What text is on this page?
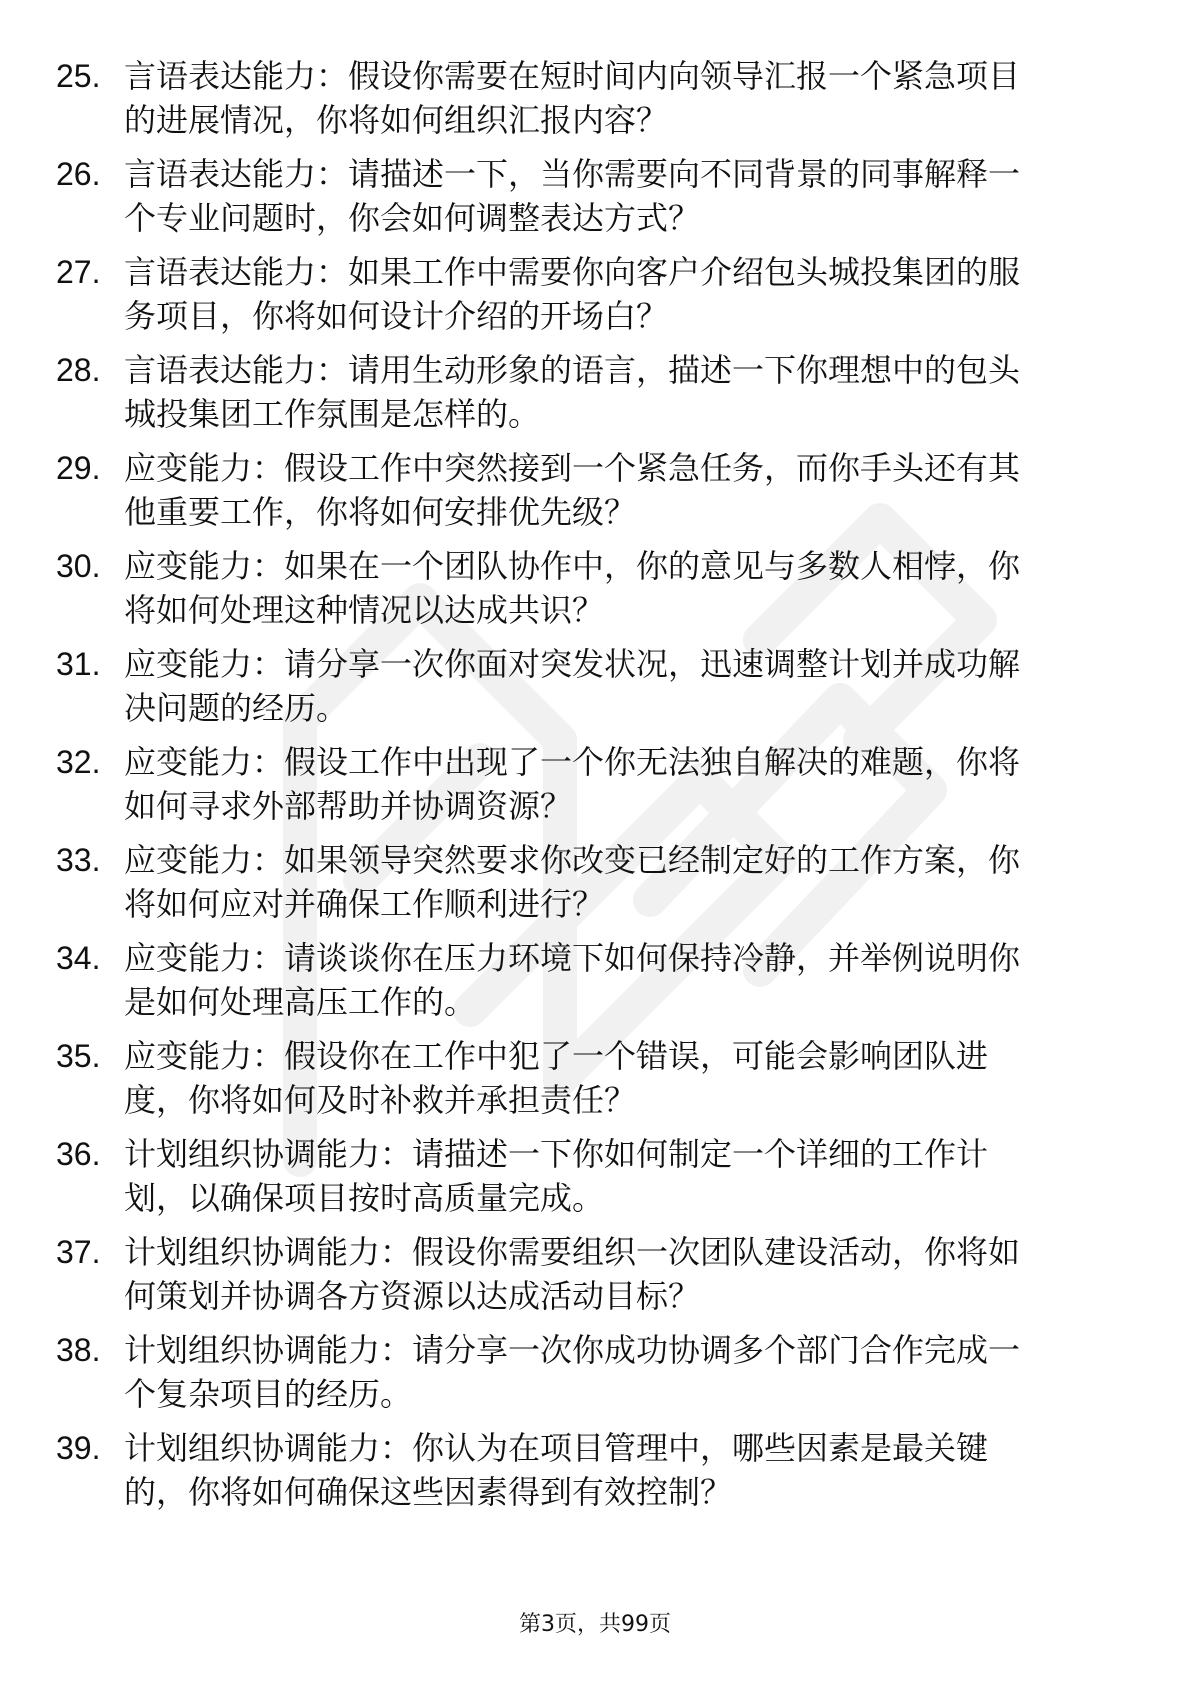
25. 言语表达能力：假设你需要在短时间内向领导汇报一个紧急项目
的进展情况，你将如何组织汇报内容？
26. 言语表达能力：请描述一下，当你需要向不同背景的同事解释一
个专业问题时，你会如何调整表达方式？
27. 言语表达能力：如果工作中需要你向客户介绍包头城投集团的服
务项目，你将如何设计介绍的开场白？
28. 言语表达能力：请用生动形象的语言，描述一下你理想中的包头
城投集团工作氛围是怎样的。
29. 应变能力：假设工作中突然接到一个紧急任务，而你手头还有其
他重要工作，你将如何安排优先级？
30. 应变能力：如果在一个团队协作中，你的意见与多数人相悖，你
将如何处理这种情况以达成共识？
31. 应变能力：请分享一次你面对突发状况，迅速调整计划并成功解
决问题的经历。
32. 应变能力：假设工作中出现了一个你无法独自解决的难题，你将
如何寻求外部帮助并协调资源？
33. 应变能力：如果领导突然要求你改变已经制定好的工作方案，你
将如何应对并确保工作顺利进行？
34. 应变能力：请谈谈你在压力环境下如何保持冷静，并举例说明你
是如何处理高压工作的。
35. 应变能力：假设你在工作中犯了一个错误，可能会影响团队进
度，你将如何及时补救并承担责任？
36. 计划组织协调能力：请描述一下你如何制定一个详细的工作计
划，以确保项目按时高质量完成。
37. 计划组织协调能力：假设你需要组织一次团队建设活动，你将如
何策划并协调各方资源以达成活动目标？
38. 计划组织协调能力：请分享一次你成功协调多个部门合作完成一
个复杂项目的经历。
39. 计划组织协调能力：你认为在项目管理中，哪些因素是最关键
的，你将如何确保这些因素得到有效控制？
第3页，共99页
